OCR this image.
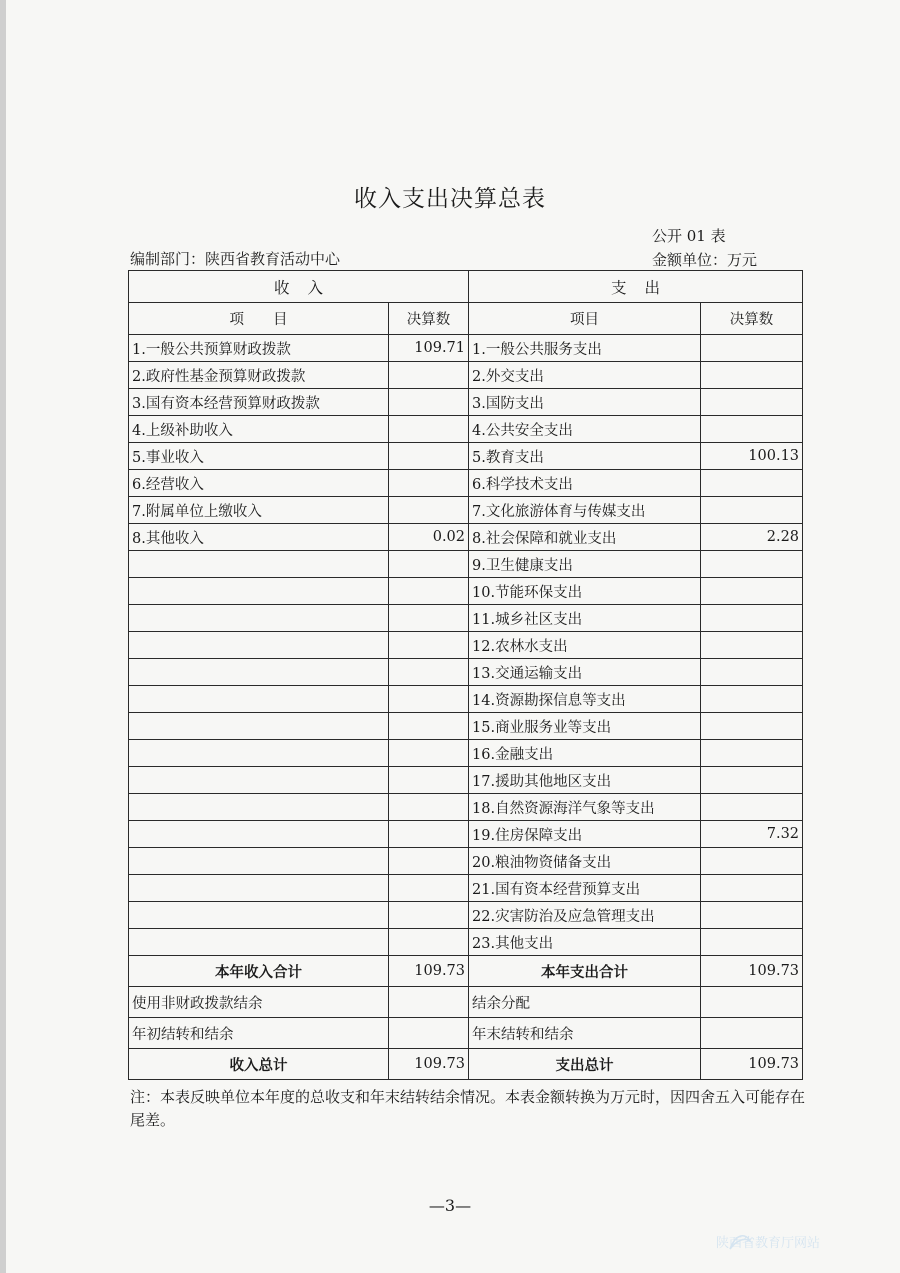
收入支出决算总表
公开 01 表
编制部门：陕西省教育活动中心	金额单位：万元
收入		支出	
项　　目	决算数	项目	决算数
1.一般公共预算财政拨款	109.71	1.一般公共服务支出	
2.政府性基金预算财政拨款		2.外交支出	
3.国有资本经营预算财政拨款		3.国防支出	
4.上级补助收入		4.公共安全支出	
5.事业收入		5.教育支出	100.13
6.经营收入		6.科学技术支出	
7.附属单位上缴收入		7.文化旅游体育与传媒支出	
8.其他收入	0.02	8.社会保障和就业支出	2.28
		9.卫生健康支出	
		10.节能环保支出	
		11.城乡社区支出	
		12.农林水支出	
		13.交通运输支出	
		14.资源勘探信息等支出	
		15.商业服务业等支出	
		16.金融支出	
		17.援助其他地区支出	
		18.自然资源海洋气象等支出	
		19.住房保障支出	7.32
		20.粮油物资储备支出	
		21.国有资本经营预算支出	
		22.灾害防治及应急管理支出	
		23.其他支出	
本年收入合计	109.73	本年支出合计	109.73
使用非财政拨款结余		结余分配	
年初结转和结余		年末结转和结余	
收入总计	109.73	支出总计	109.73
注：本表反映单位本年度的总收支和年末结转结余情况。本表金额转换为万元时，因四舍五入可能存在尾差。
—3—
陕西省教育厅网站
